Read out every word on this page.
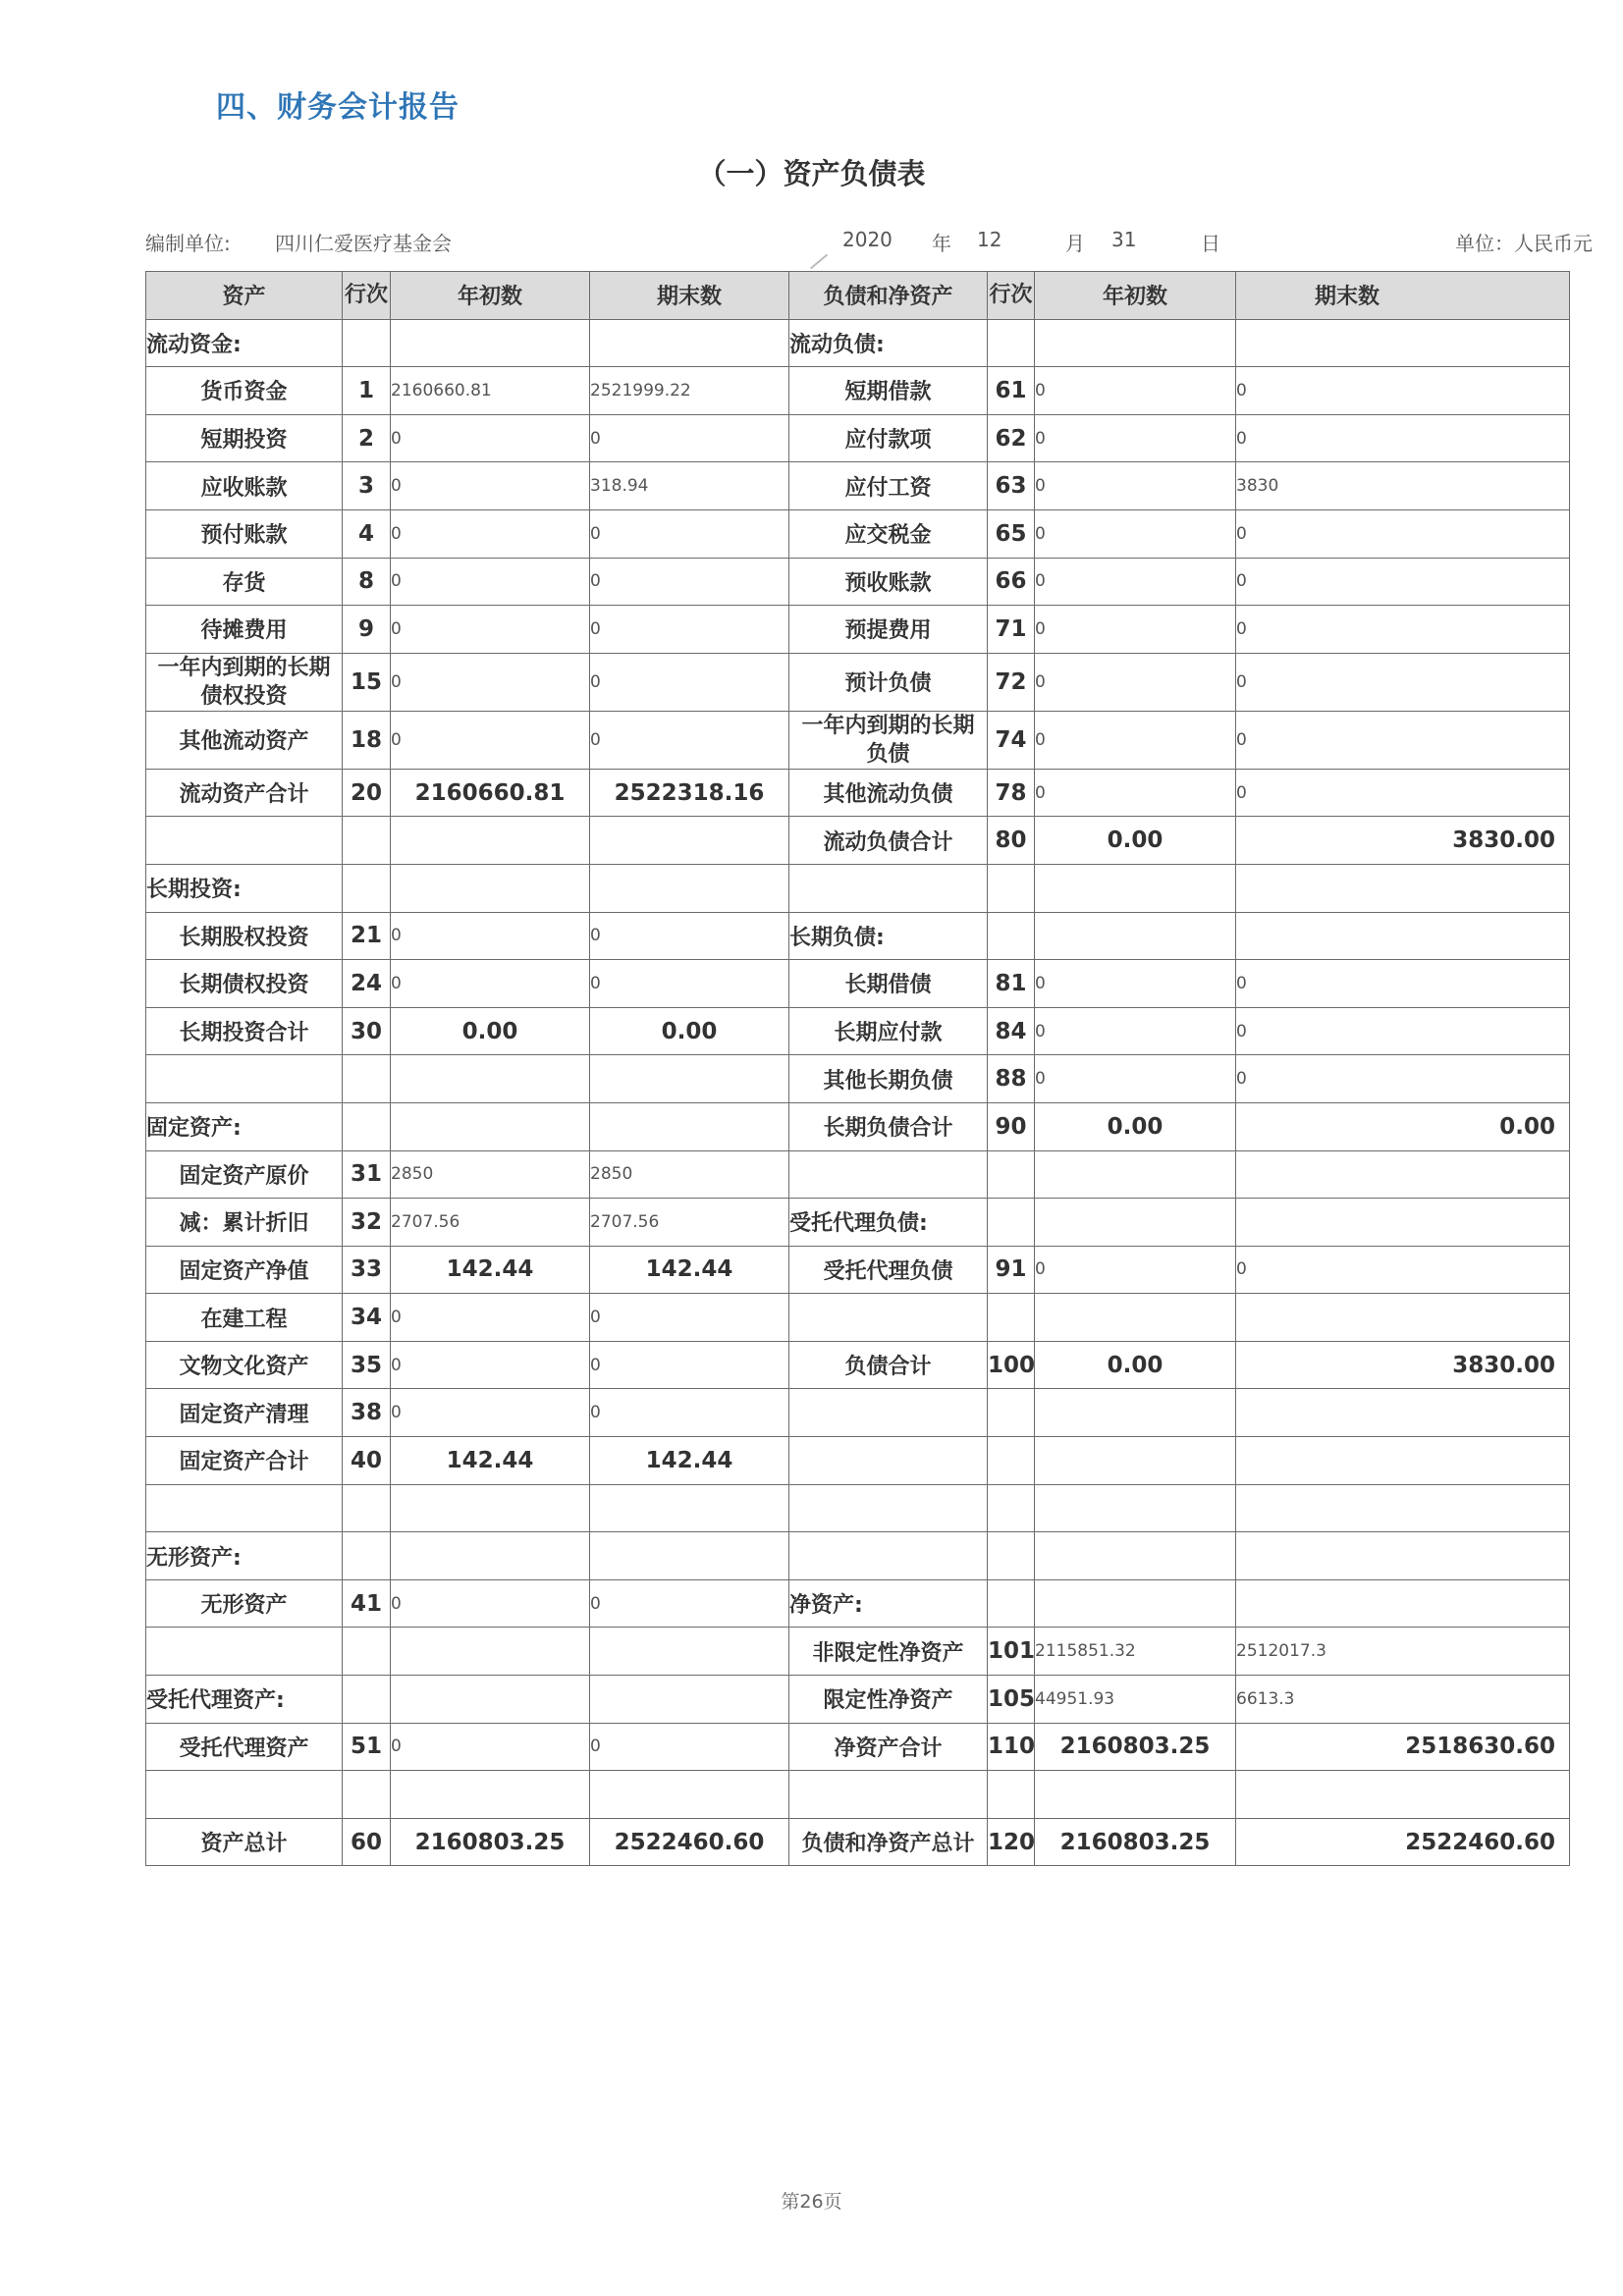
四、财务会计报告
（一）资产负债表
编制单位: 四川仁爱医疗基金会	2020 年 12	月 31	日	单位：人民币元
资产	行次	年初数	期末数	负债和净资产	行次	年初数	期末数
流动资金:				流动负债:			
货币资金	1	2160660.81	2521999.22	短期借款	61	0	0
短期投资	2	0	0	应付款项	62	0	0
应收账款	3	0	318.94	应付工资	63	0	3830
预付账款	4	0	0	应交税金	65	0	0
存货	8	0	0	预收账款	66	0	0
待摊费用	9	0	0	预提费用	71	0	0
一年内到期的长期债权投资	15	0	0	预计负债	72	0	0
其他流动资产	18	0	0	一年内到期的长期负债	74	0	0
流动资产合计	20	2160660.81	2522318.16	其他流动负债	78	0	0
				流动负债合计	80	0.00	3830.00
长期投资:							
长期股权投资	21	0	0	长期负债:			
长期债权投资	24	0	0	长期借债	81	0	0
长期投资合计	30	0.00	0.00	长期应付款	84	0	0
				其他长期负债	88	0	0
固定资产:				长期负债合计	90	0.00	0.00
固定资产原价	31	2850	2850				
减：累计折旧	32	2707.56	2707.56	受托代理负债:			
固定资产净值	33	142.44	142.44	受托代理负债	91	0	0
在建工程	34	0	0				
文物文化资产	35	0	0	负债合计	100	0.00	3830.00
固定资产清理	38	0	0				
固定资产合计	40	142.44	142.44				

无形资产:							
无形资产	41	0	0	净资产:			
				非限定性净资产	101	2115851.32	2512017.3
受托代理资产:				限定性净资产	105	44951.93	6613.3
受托代理资产	51	0	0	净资产合计	110	2160803.25	2518630.60

资产总计	60	2160803.25	2522460.60	负债和净资产总计	120	2160803.25	2522460.60
第26页
